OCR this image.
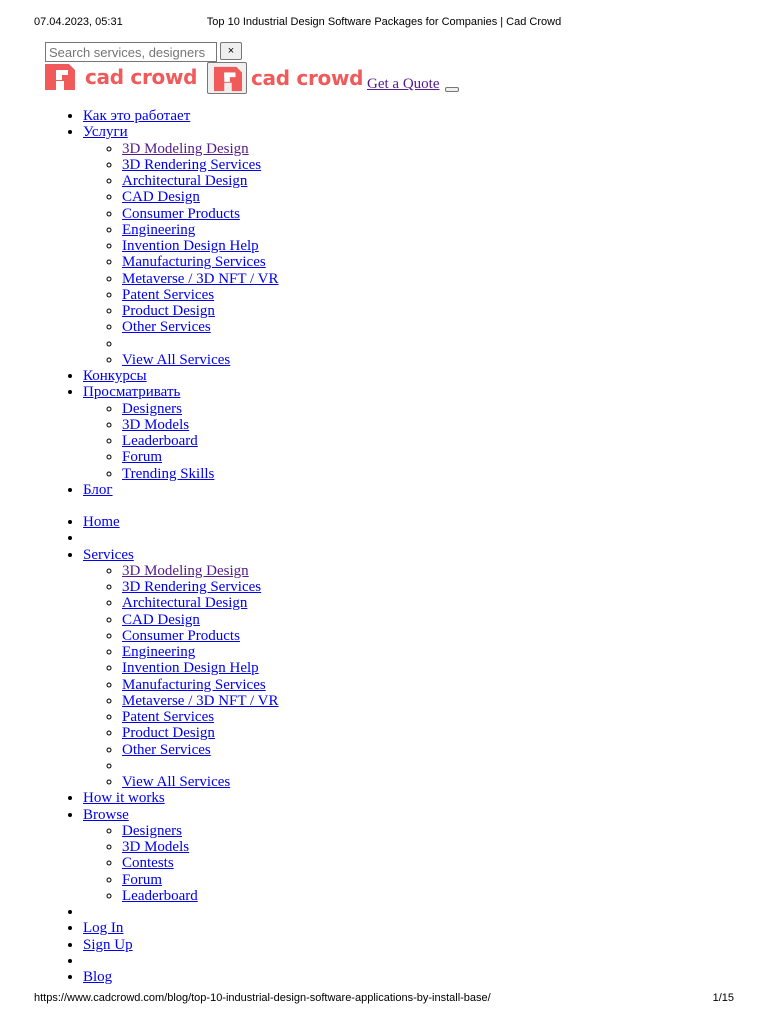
07.04.2023, 05:31	Top 10 Industrial Design Software Packages for Companies | Cad Crowd
Search services, designers
×
cad crowd	cad crowd Get a Quote
• Как это работает
• Услуги
◦ 3D Modeling Design
◦ 3D Rendering Services
◦ Architectural Design
◦ CAD Design
◦ Consumer Products
◦ Engineering
◦ Invention Design Help
◦ Manufacturing Services
◦ Metaverse / 3D NFT / VR
◦ Patent Services
◦ Product Design
◦ Other Services
◦
◦ View All Services
• Конкурсы
• Просматривать
◦ Designers
◦ 3D Models
◦ Leaderboard
◦ Forum
◦ Trending Skills
• Блог
• Home
•
• Services
◦ 3D Modeling Design
◦ 3D Rendering Services
◦ Architectural Design
◦ CAD Design
◦ Consumer Products
◦ Engineering
◦ Invention Design Help
◦ Manufacturing Services
◦ Metaverse / 3D NFT / VR
◦ Patent Services
◦ Product Design
◦ Other Services
◦
◦ View All Services
• How it works
• Browse
◦ Designers
◦ 3D Models
◦ Contests
◦ Forum
◦ Leaderboard
•
• Log In
• Sign Up
•
• Blog
https://www.cadcrowd.com/blog/top-10-industrial-design-software-applications-by-install-base/	1/15
